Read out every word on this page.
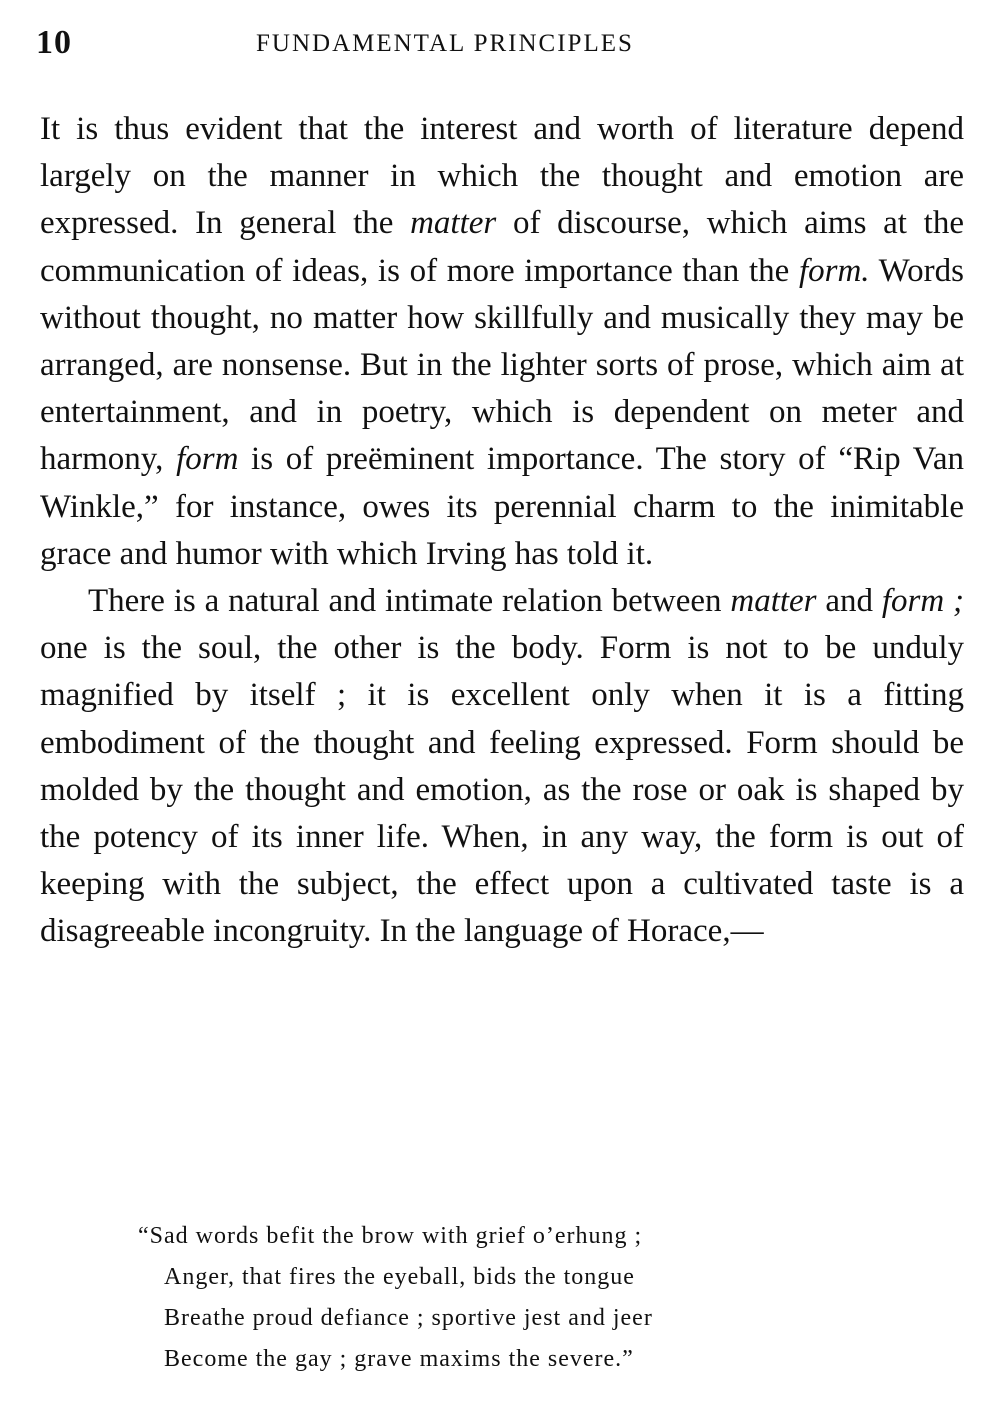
10	FUNDAMENTAL PRINCIPLES

It is thus evident that the interest and worth of literature depend largely on the manner in which the thought and emotion are expressed. In general the matter of discourse, which aims at the communication of ideas, is of more importance than the form. Words without thought, no matter how skillfully and musically they may be arranged, are nonsense. But in the lighter sorts of prose, which aim at entertainment, and in poetry, which is dependent on meter and harmony, form is of preëminent importance. The story of “Rip Van Winkle,” for instance, owes its perennial charm to the inimitable grace and humor with which Irving has told it.

There is a natural and intimate relation between matter and form ; one is the soul, the other is the body. Form is not to be unduly magnified by itself ; it is excellent only when it is a fitting embodiment of the thought and feeling expressed. Form should be molded by the thought and emotion, as the rose or oak is shaped by the potency of its inner life. When, in any way, the form is out of keeping with the subject, the effect upon a cultivated taste is a disagreeable incongruity. In the language of Horace,—

“Sad words befit the brow with grief o’erhung ;
Anger, that fires the eyeball, bids the tongue
Breathe proud defiance ; sportive jest and jeer
Become the gay ; grave maxims the severe.”
